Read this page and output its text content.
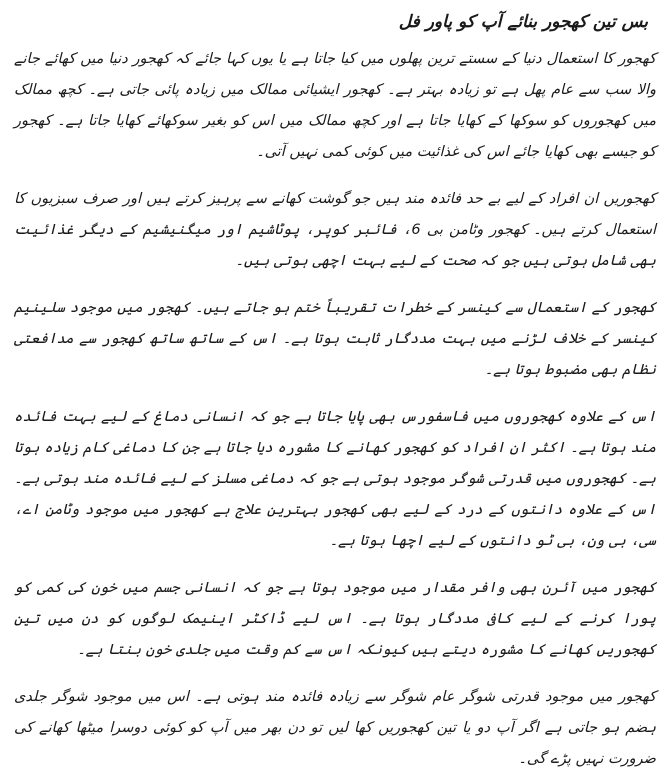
بس تین کھجور بنائے آپ کو پاور فل

کھجور کا استعمال دنیا کے سستے ترین پھلوں میں کیا جاتا ہے یا یوں کہا جائے کہ کھجور دنیا میں کھائے جانے والا سب سے عام پھل ہے تو زیادہ بہتر ہے۔ کھجور ایشیائی ممالک میں زیادہ پائی جاتی ہے۔ کچھ ممالک میں کھجوروں کو سوکھا کے کھایا جاتا ہے اور کچھ ممالک میں اس کو بغیر سوکھائے کھایا جاتا ہے۔ کھجور کو جیسے بھی کھایا جائے اس کی غذائیت میں کوئی کمی نہیں آتی۔

کھجوریں ان افراد کے لیے بے حد فائدہ مند ہیں جو گوشت کھانے سے پرہیز کرتے ہیں اور صرف سبزیوں کا استعمال کرتے ہیں۔ کھجور وٹامن بی 6، فائبر کوپر، پوٹاشیم اور میگنیشیم کے دیگر غذائیت بھی شامل ہوتی ہیں جو کہ صحت کے لیے بہت اچھی ہوتی ہیں۔

کھجور کے استعمال سے کینسر کے خطرات تقریباً ختم ہو جاتے ہیں۔ کھجور میں موجود سلینیم کینسر کے خلاف لڑنے میں بہت مددگار ثابت ہوتا ہے۔ اس کے ساتھ ساتھ کھجور سے مدافعتی نظام بھی مضبوط ہوتا ہے۔

اس کے علاوہ کھجوروں میں فاسفورس بھی پایا جاتا ہے جو کہ انسانی دماغ کے لیے بہت فائدہ مند ہوتا ہے۔ اکثر ان افراد کو کھجور کھانے کا مشورہ دیا جاتا ہے جن کا دماغی کام زیادہ ہوتا ہے۔ کھجوروں میں قدرتی شوگر موجود ہوتی ہے جو کہ دماغی مسلز کے لیے فائدہ مند ہوتی ہے۔ اس کے علاوہ دانتوں کے درد کے لیے بھی کھجور بہترین علاج ہے کھجور میں موجود وٹامن اے، سی، بی ون، بی ٹو دانتوں کے لیے اچھا ہوتا ہے۔

کھجور میں آئرن بھی وافر مقدار میں موجود ہوتا ہے جو کہ انسانی جسم میں خون کی کمی کو پورا کرنے کے لیے کافی مددگار ہوتا ہے۔ اس لیے ڈاکٹر اینیمک لوگوں کو دن میں تین کھجوریں کھانے کا مشورہ دیتے ہیں کیونکہ اس سے کم وقت میں جلدی خون بنتا ہے۔

کھجور میں موجود قدرتی شوگر عام شوگر سے زیادہ فائدہ مند ہوتی ہے۔ اس میں موجود شوگر جلدی ہضم ہو جاتی ہے اگر آپ دو یا تین کھجوریں کھا لیں تو دن بھر میں آپ کو کوئی دوسرا میٹھا کھانے کی ضرورت نہیں پڑے گی۔
